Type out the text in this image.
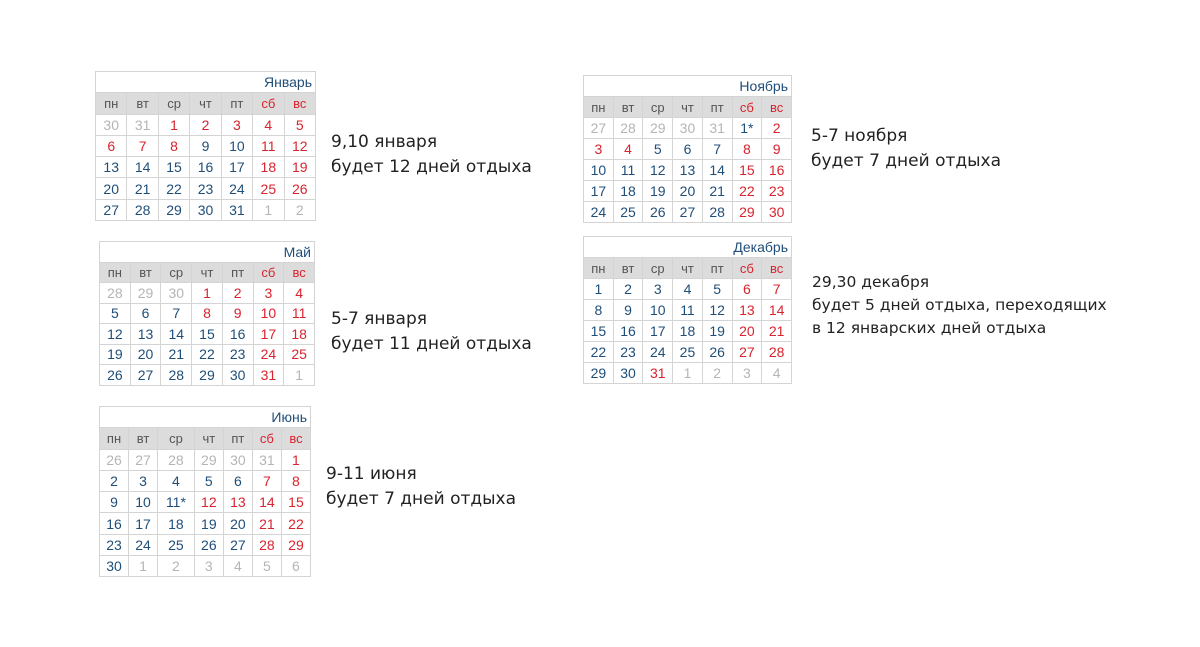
Январь						
пн	вт	ср	чт	пт	сб	вс
30	31	1	2	3	4	5
6	7	8	9	10	11	12
13	14	15	16	17	18	19
20	21	22	23	24	25	26
27	28	29	30	31	1	2
9,10 января
будет 12 дней отдыха
Май						
пн	вт	ср	чт	пт	сб	вс
28	29	30	1	2	3	4
5	6	7	8	9	10	11
12	13	14	15	16	17	18
19	20	21	22	23	24	25
26	27	28	29	30	31	1
5-7 января
будет 11 дней отдыха
Июнь						
пн	вт	ср	чт	пт	сб	вс
26	27	28	29	30	31	1
2	3	4	5	6	7	8
9	10	11*	12	13	14	15
16	17	18	19	20	21	22
23	24	25	26	27	28	29
30	1	2	3	4	5	6
9-11 июня
будет 7 дней отдыха
Ноябрь						
пн	вт	ср	чт	пт	сб	вс
27	28	29	30	31	1*	2
3	4	5	6	7	8	9
10	11	12	13	14	15	16
17	18	19	20	21	22	23
24	25	26	27	28	29	30
5-7 ноября
будет 7 дней отдыха
Декабрь						
пн	вт	ср	чт	пт	сб	вс
1	2	3	4	5	6	7
8	9	10	11	12	13	14
15	16	17	18	19	20	21
22	23	24	25	26	27	28
29	30	31	1	2	3	4
29,30 декабря
будет 5 дней отдыха, переходящих
в 12 январских дней отдыха
